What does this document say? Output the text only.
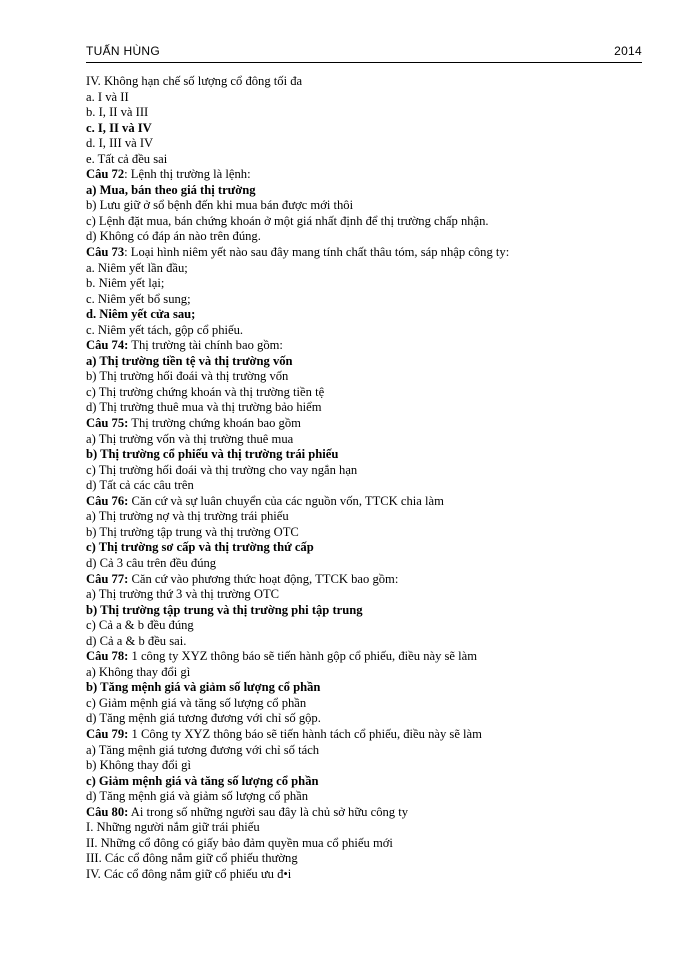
TUẤN HÙNG	2014
IV. Không hạn chế số lượng cổ đông tối đa
a. I và II
b. I, II và III
c. I, II và IV
d. I, III và IV
e. Tất cả đều sai
Câu 72: Lệnh thị trường là lệnh:
a) Mua, bán theo giá thị trường
b) Lưu giữ ở sổ bệnh đến khi mua bán được mới thôi
c) Lệnh đặt mua, bán chứng khoán ở một giá nhất định để thị trường chấp nhận.
d) Không có đáp án nào trên đúng.
Câu 73: Loại hình niêm yết nào sau đây mang tính chất thâu tóm, sáp nhập công ty:
a. Niêm yết lần đầu;
b. Niêm yết lại;
c. Niêm yết bổ sung;
d. Niêm yết cửa sau;
c. Niêm yết tách, gộp cổ phiếu.
Câu 74: Thị trường tài chính bao gồm:
a) Thị trường tiền tệ và thị trường vốn
b) Thị trường hối đoái và thị trường vốn
c) Thị trường chứng khoán và thị trường tiền tệ
d) Thị trường thuê mua và thị trường bảo hiểm
Câu 75: Thị trường chứng khoán bao gồm
a) Thị trường vốn và thị trường thuê mua
b) Thị trường cổ phiếu và thị trường trái phiếu
c) Thị trường hối đoái và thị trường cho vay ngắn hạn
d) Tất cả các câu trên
Câu 76: Căn cứ và sự luân chuyển của các nguồn vốn, TTCK chia làm
a) Thị trường nợ và thị trường trái phiếu
b) Thị trường tập trung và thị trường OTC
c) Thị trường sơ cấp và thị trường thứ cấp
d) Cả 3 câu trên đều đúng
Câu 77: Căn cứ vào phương thức hoạt động, TTCK bao gồm:
a) Thị trường thứ 3 và thị trường OTC
b) Thị trường tập trung và thị trường phi tập trung
c) Cả a & b đều đúng
d) Cả a & b đều sai.
Câu 78: 1 công ty XYZ thông báo sẽ tiến hành gộp cổ phiếu, điều này sẽ làm
a) Không thay đổi gì
b) Tăng mệnh giá và giảm số lượng cổ phần
c) Giảm mệnh giá và tăng số lượng cổ phần
d) Tăng mệnh giá tương đương với chỉ số gộp.
Câu 79: 1 Công ty XYZ thông báo sẽ tiến hành tách cổ phiếu, điều này sẽ làm
a) Tăng mệnh giá tương đương với chỉ số tách
b) Không thay đổi gì
c) Giảm mệnh giá và tăng số lượng cổ phần
d) Tăng mệnh giá và giảm số lượng cổ phần
Câu 80: Ai trong số những người sau đây là chủ sở hữu công ty
I. Những người nắm giữ trái phiếu
II. Những cổ đông có giấy bảo đảm quyền mua cổ phiếu mới
III. Các cổ đông nắm giữ cổ phiếu thường
IV. Các cổ đông nắm giữ cổ phiếu ưu đ•i
